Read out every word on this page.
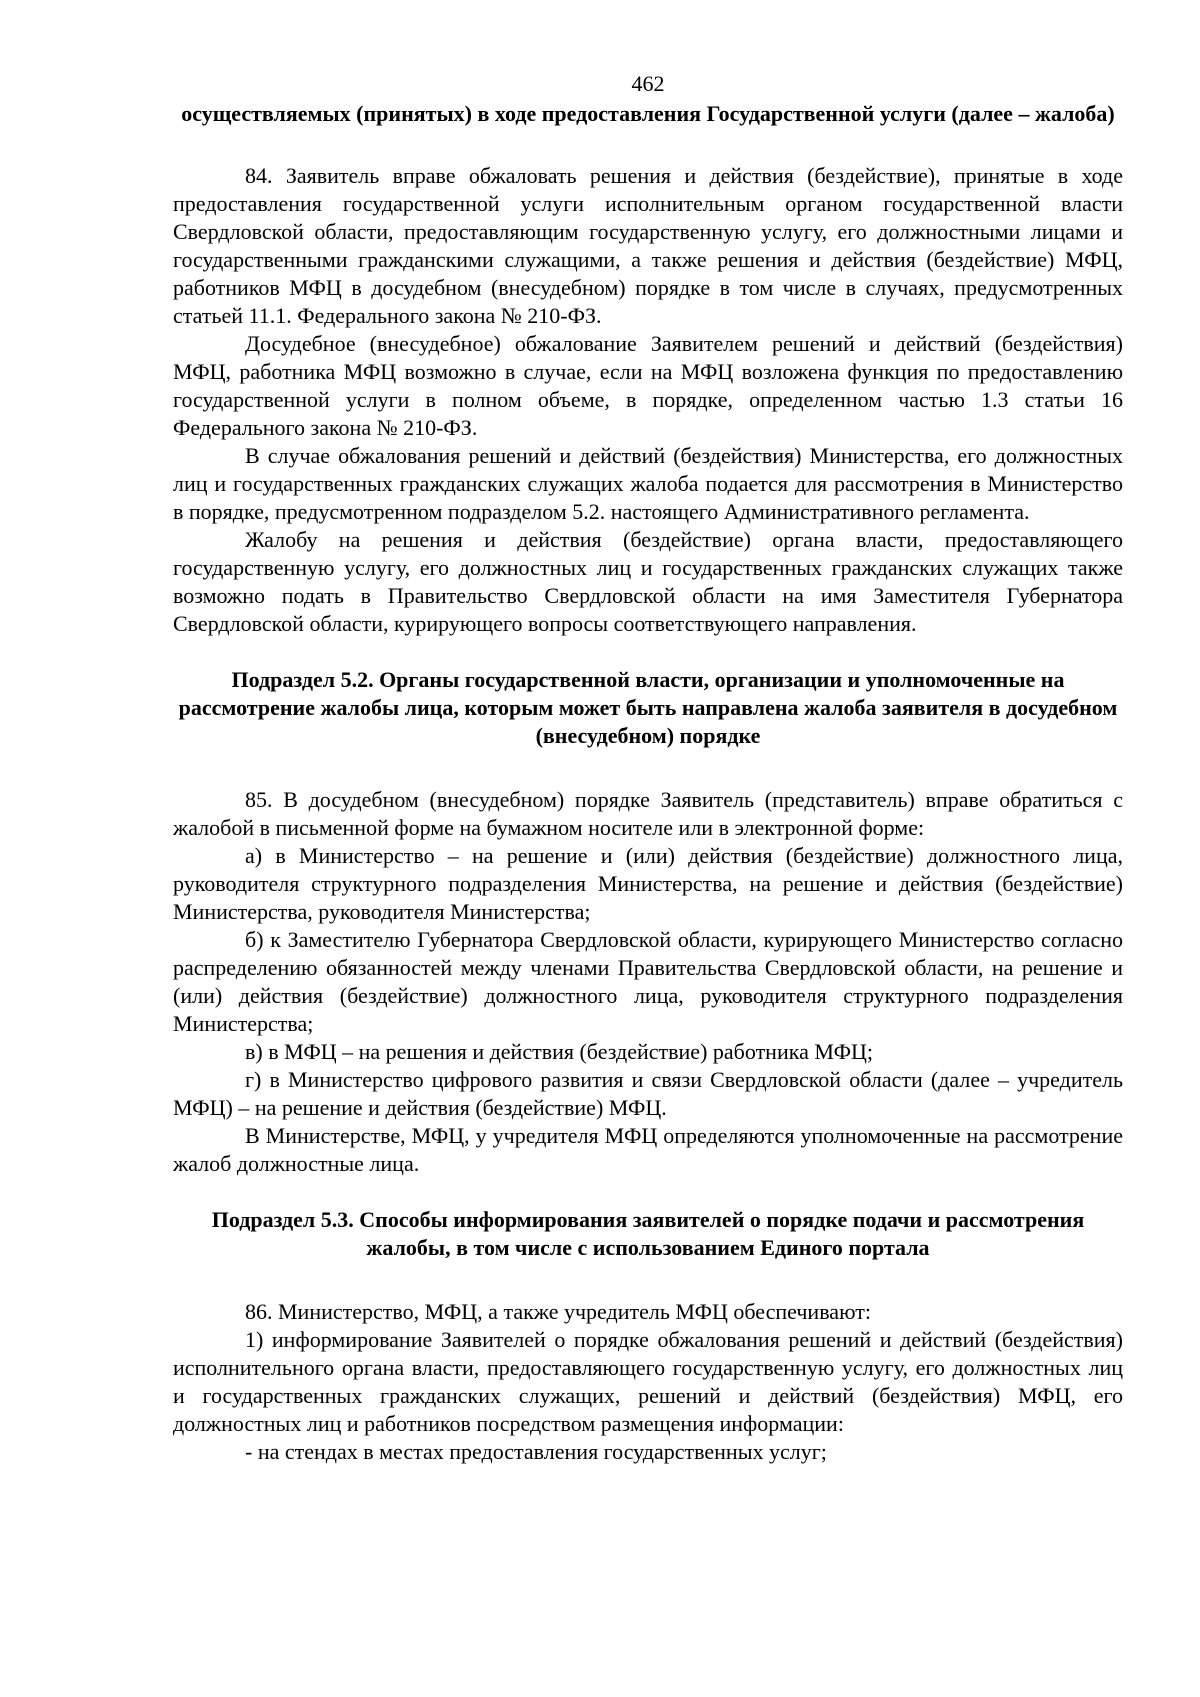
462
осуществляемых (принятых) в ходе предоставления Государственной услуги (далее – жалоба)

84. Заявитель вправе обжаловать решения и действия (бездействие), принятые в ходе предоставления государственной услуги исполнительным органом государственной власти Свердловской области, предоставляющим государственную услугу, его должностными лицами и государственными гражданскими служащими, а также решения и действия (бездействие) МФЦ, работников МФЦ в досудебном (внесудебном) порядке в том числе в случаях, предусмотренных статьей 11.1. Федерального закона № 210-ФЗ.

Досудебное (внесудебное) обжалование Заявителем решений и действий (бездействия) МФЦ, работника МФЦ возможно в случае, если на МФЦ возложена функция по предоставлению государственной услуги в полном объеме, в порядке, определенном частью 1.3 статьи 16 Федерального закона № 210-ФЗ.

В случае обжалования решений и действий (бездействия) Министерства, его должностных лиц и государственных гражданских служащих жалоба подается для рассмотрения в Министерство в порядке, предусмотренном подразделом 5.2. настоящего Административного регламента.

Жалобу на решения и действия (бездействие) органа власти, предоставляющего государственную услугу, его должностных лиц и государственных гражданских служащих также возможно подать в Правительство Свердловской области на имя Заместителя Губернатора Свердловской области, курирующего вопросы соответствующего направления.

Подраздел 5.2. Органы государственной власти, организации и уполномоченные на рассмотрение жалобы лица, которым может быть направлена жалоба заявителя в досудебном (внесудебном) порядке

85. В досудебном (внесудебном) порядке Заявитель (представитель) вправе обратиться с жалобой в письменной форме на бумажном носителе или в электронной форме:

а) в Министерство – на решение и (или) действия (бездействие) должностного лица, руководителя структурного подразделения Министерства, на решение и действия (бездействие) Министерства, руководителя Министерства;

б) к Заместителю Губернатора Свердловской области, курирующего Министерство согласно распределению обязанностей между членами Правительства Свердловской области, на решение и (или) действия (бездействие) должностного лица, руководителя структурного подразделения Министерства;

в) в МФЦ – на решения и действия (бездействие) работника МФЦ;

г) в Министерство цифрового развития и связи Свердловской области (далее – учредитель МФЦ) – на решение и действия (бездействие) МФЦ.

В Министерстве, МФЦ, у учредителя МФЦ определяются уполномоченные на рассмотрение жалоб должностные лица.

Подраздел 5.3. Способы информирования заявителей о порядке подачи и рассмотрения жалобы, в том числе с использованием Единого портала

86. Министерство, МФЦ, а также учредитель МФЦ обеспечивают:

1) информирование Заявителей о порядке обжалования решений и действий (бездействия) исполнительного органа власти, предоставляющего государственную услугу, его должностных лиц и государственных гражданских служащих, решений и действий (бездействия) МФЦ, его должностных лиц и работников посредством размещения информации:

- на стендах в местах предоставления государственных услуг;
